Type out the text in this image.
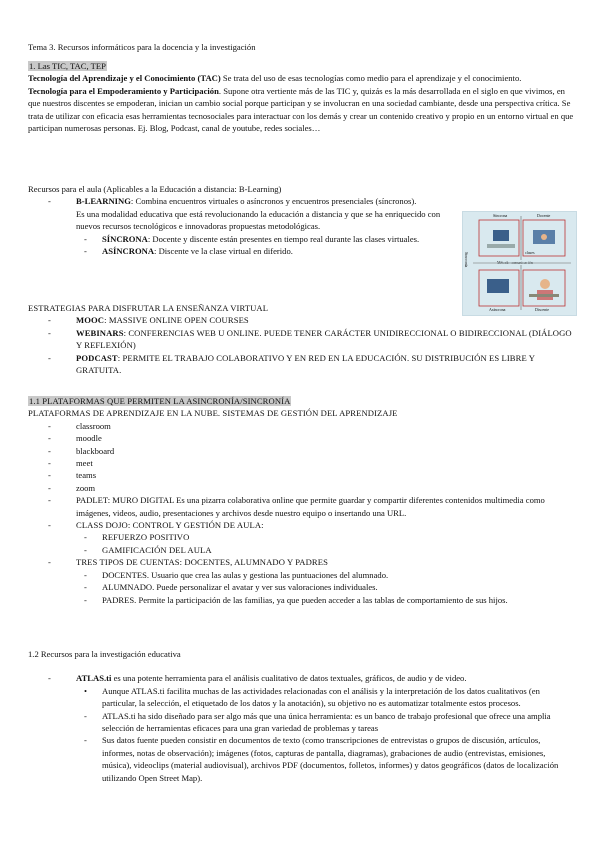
Tema 3. Recursos informáticos para la docencia y la investigación

1. Las TIC, TAC, TEP

Tecnología del Aprendizaje y el Conocimiento (TAC) Se trata del uso de esas tecnologías como medio para el aprendizaje y el conocimiento.

Tecnología para el Empoderamiento y Participación. Supone otra vertiente más de las TIC y, quizás es la más desarrollada en el siglo en que vivimos, en que nuestros discentes se empoderan, inician un cambio social porque participan y se involucran en una sociedad cambiante, desde una perspectiva crítica. Se trata de utilizar con eficacia esas herramientas tecnosociales para interactuar con los demás y crear un contenido creativo y propio en un entorno virtual en que participan numerosas personas. Ej. Blog, Podcast, canal de youtube, redes sociales…

Recursos para el aula (Aplicables a la Educación a distancia: B-Learning)

- B-LEARNING: Combina encuentros virtuales o asíncronos y encuentros presenciales (síncronos).
Es una modalidad educativa que está revolucionando la educación a distancia y que se ha enriquecido con nuevos recursos tecnológicos e innovadoras propuestas metodológicas.
- SÍNCRONA: Docente y discente están presentes en tiempo real durante las clases virtuales.
- ASÍNCRONA: Discente ve la clase virtual en diferido.
Síncrona	Docente
clases
Método comunicación
Asíncrona	Discente
Sincronía

ESTRATEGIAS PARA DISFRUTAR LA ENSEÑANZA VIRTUAL

- MOOC: MASSIVE ONLINE OPEN COURSES
- WEBINARS: CONFERENCIAS WEB U ONLINE. PUEDE TENER CARÁCTER UNIDIRECCIONAL O BIDIRECCIONAL (DIÁLOGO Y REFLEXIÓN)
- PODCAST: PERMITE EL TRABAJO COLABORATIVO Y EN RED EN LA EDUCACIÓN. SU DISTRIBUCIÓN ES LIBRE Y GRATUITA.

1.1 PLATAFORMAS QUE PERMITEN LA ASINCRONÍA/SINCRONÍA

PLATAFORMAS DE APRENDIZAJE EN LA NUBE. SISTEMAS DE GESTIÓN DEL APRENDIZAJE

- classroom
- moodle
- blackboard
- meet
- teams
- zoom
- PADLET: MURO DIGITAL Es una pizarra colaborativa online que permite guardar y compartir diferentes contenidos multimedia como imágenes, videos, audio, presentaciones y archivos desde nuestro equipo o insertando una URL.
- CLASS DOJO: CONTROL Y GESTIÓN DE AULA:
- REFUERZO POSITIVO
- GAMIFICACIÓN DEL AULA
- TRES TIPOS DE CUENTAS: DOCENTES, ALUMNADO Y PADRES
- DOCENTES. Usuario que crea las aulas y gestiona las puntuaciones del alumnado.
- ALUMNADO. Puede personalizar el avatar y ver sus valoraciones individuales.
- PADRES. Permite la participación de las familias, ya que pueden acceder a las tablas de comportamiento de sus hijos.

1.2 Recursos para la investigación educativa

- ATLAS.ti es una potente herramienta para el análisis cualitativo de datos textuales, gráficos, de audio y de video.
• Aunque ATLAS.ti facilita muchas de las actividades relacionadas con el análisis y la interpretación de los datos cualitativos (en particular, la selección, el etiquetado de los datos y la anotación), su objetivo no es automatizar totalmente estos procesos.
- ATLAS.ti ha sido diseñado para ser algo más que una única herramienta: es un banco de trabajo profesional que ofrece una amplia selección de herramientas eficaces para una gran variedad de problemas y tareas
- Sus datos fuente pueden consistir en documentos de texto (como transcripciones de entrevistas o grupos de discusión, artículos, informes, notas de observación); imágenes (fotos, capturas de pantalla, diagramas), grabaciones de audio (entrevistas, emisiones, música), videoclips (material audiovisual), archivos PDF (documentos, folletos, informes) y datos geográficos (datos de localización utilizando Open Street Map).
